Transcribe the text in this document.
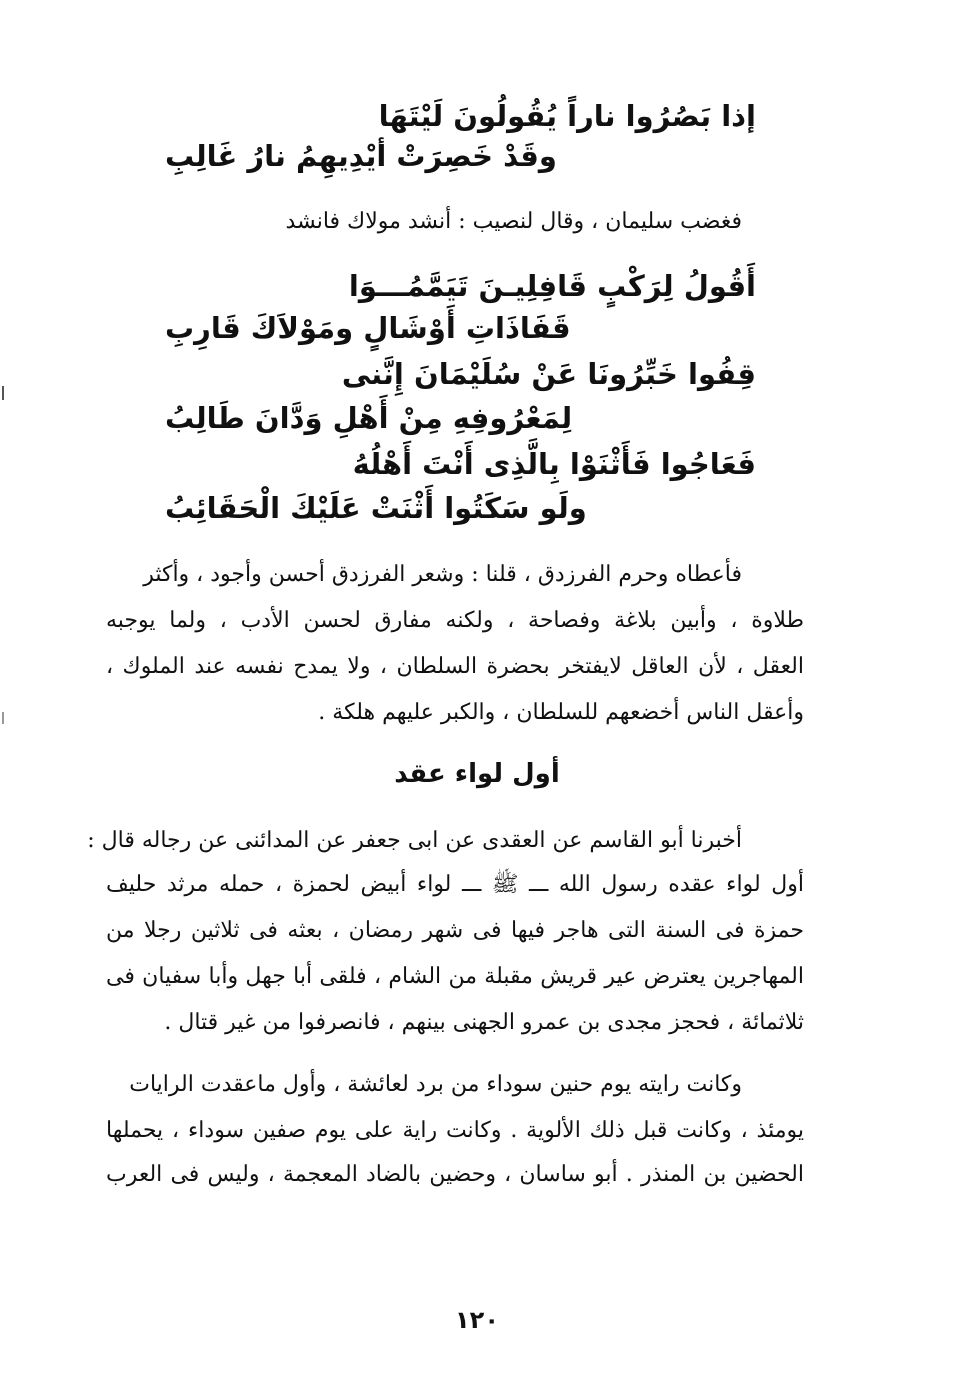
إذا بَصُرُوا ناراً يُقُولُونَ لَيْتَهَا
وقَدْ خَصِرَتْ أيْدِيهِمُ نارُ غَالِبِ
فغضب سليمان ، وقال لنصيب : أنشد مولاك فانشد
أَقُولُ لِرَكْبٍ قَافِلِيـنَ تَيَمَّمُـــوَا
قَفَاذَاتِ أَوْشَالٍ ومَوْلاَكَ قَارِبِ
قِفُوا خَبِّرُونَا عَنْ سُلَيْمَانَ إِنَّنى
لِمَعْرُوفِهِ مِنْ أَهْلِ وَدَّانَ طَالِبُ
فَعَاجُوا فَأَثْنَوْا بِالَّذِى أَنْتَ أَهْلُهُ
ولَو سَكَتُوا أَثْنَتْ عَلَيْكَ الْحَقَائِبُ
فأعطاه وحرم الفرزدق ، قلنا : وشعر الفرزدق أحسن وأجود ، وأكثر
طلاوة ، وأبين بلاغة وفصاحة ، ولكنه مفارق لحسن الأدب ، ولما يوجبه
العقل ، لأن العاقل لايفتخر بحضرة السلطان ، ولا يمدح نفسه عند الملوك ،
وأعقل الناس أخضعهم للسلطان ، والكبر عليهم هلكة .
أول لواء عقد
أخبرنا أبو القاسم عن العقدى عن ابى جعفر عن المدائنى عن رجاله قال :
أول لواء عقده رسول الله ـــ ﷺ ـــ لواء أبيض لحمزة ، حمله مرثد حليف
حمزة فى السنة التى هاجر فيها فى شهر رمضان ، بعثه فى ثلاثين رجلا من
المهاجرين يعترض عير قريش مقبلة من الشام ، فلقى أبا جهل وأبا سفيان فى
ثلاثمائة ، فحجز مجدى بن عمرو الجهنى بينهم ، فانصرفوا من غير قتال .
وكانت رايته يوم حنين سوداء من برد لعائشة ، وأول ماعقدت الرايات
يومئذ ، وكانت قبل ذلك الألوية . وكانت راية على يوم صفين سوداء ، يحملها
الحضين بن المنذر . أبو ساسان ، وحضين بالضاد المعجمة ، وليس فى العرب
١٢٠
